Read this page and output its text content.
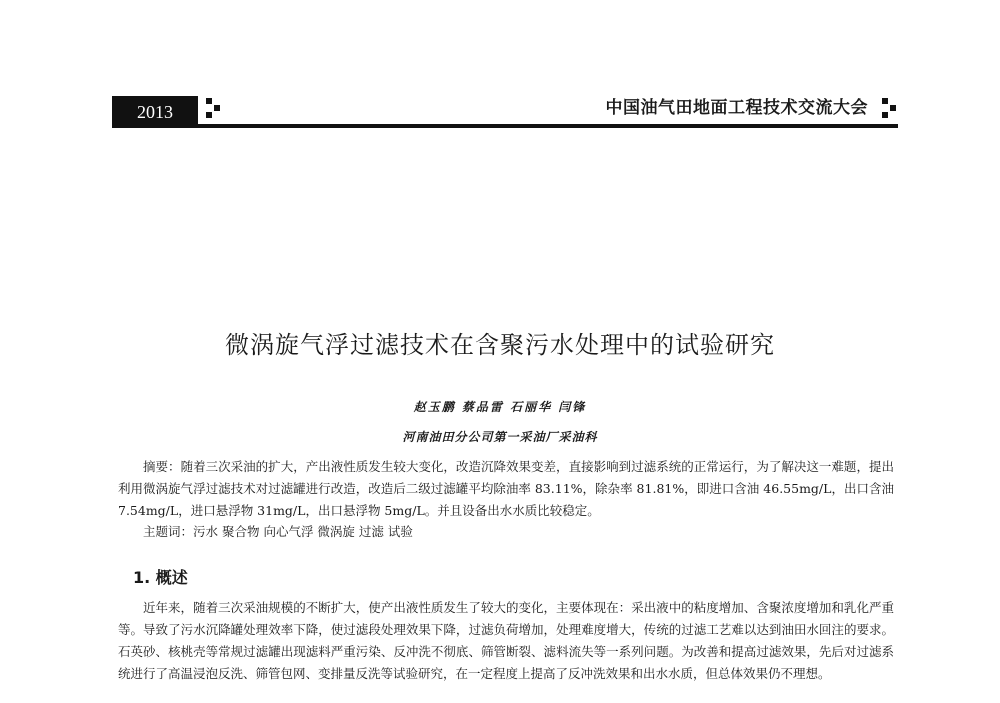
2013	中国油气田地面工程技术交流大会
微涡旋气浮过滤技术在含聚污水处理中的试验研究
赵玉鹏 蔡品雷 石丽华 闫锋
河南油田分公司第一采油厂采油科
摘要：随着三次采油的扩大，产出液性质发生较大变化，改造沉降效果变差，直接影响到过滤系统的正常运行，为了解决这一难题，提出利用微涡旋气浮过滤技术对过滤罐进行改造，改造后二级过滤罐平均除油率 83.11%，除杂率 81.81%，即进口含油 46.55mg/L，出口含油 7.54mg/L，进口悬浮物 31mg/L，出口悬浮物 5mg/L。并且设备出水水质比较稳定。
主题词：污水 聚合物 向心气浮 微涡旋 过滤 试验
1. 概述
近年来，随着三次采油规模的不断扩大，使产出液性质发生了较大的变化，主要体现在：采出液中的粘度增加、含聚浓度增加和乳化严重等。导致了污水沉降罐处理效率下降，使过滤段处理效果下降，过滤负荷增加，处理难度增大，传统的过滤工艺难以达到油田水回注的要求。石英砂、核桃壳等常规过滤罐出现滤料严重污染、反冲洗不彻底、筛管断裂、滤料流失等一系列问题。为改善和提高过滤效果，先后对过滤系统进行了高温浸泡反洗、筛管包网、变排量反洗等试验研究，在一定程度上提高了反冲洗效果和出水水质，但总体效果仍不理想。
